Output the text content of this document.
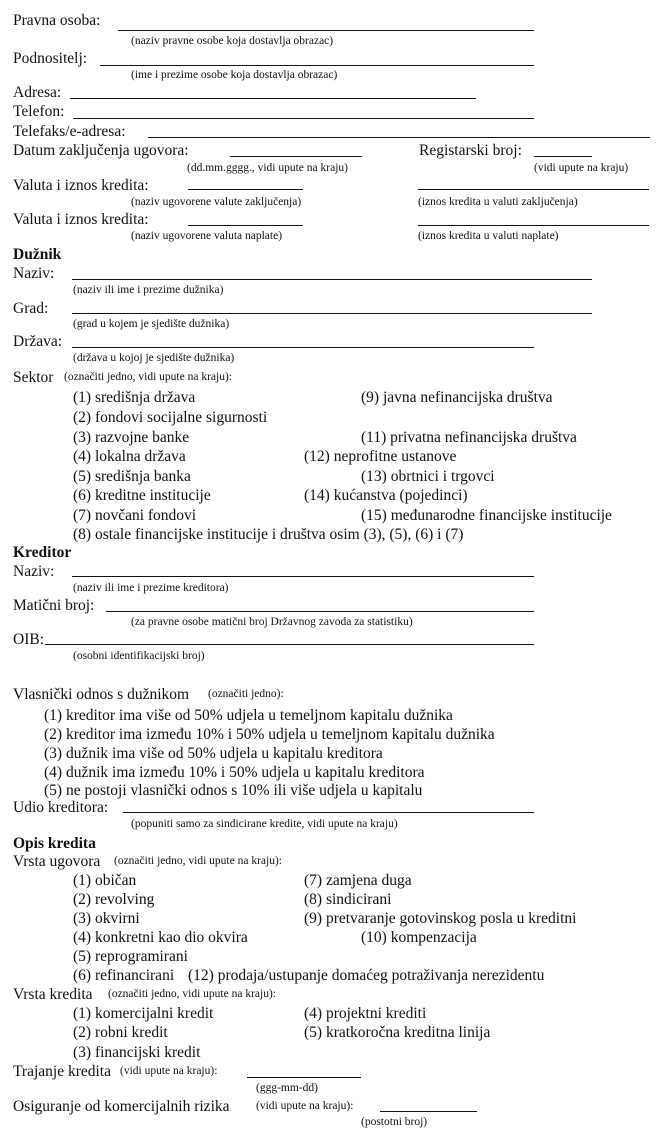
Pravna osoba:
(naziv pravne osobe koja dostavlja obrazac)
Podnositelj:
(ime i prezime osobe koja dostavlja obrazac)
Adresa:
Telefon:
Telefaks/e-adresa:
Datum zaključenja ugovora:
(dd.mm.gggg., vidi upute na kraju)
Registarski broj:
(vidi upute na kraju)
Valuta i iznos kredita:
(naziv ugovorene valute zaključenja)	(iznos kredita u valuti zaključenja)
Valuta i iznos kredita:
(naziv ugovorene valuta naplate)	(iznos kredita u valuti naplate)
Dužnik
Naziv:
(naziv ili ime i prezime dužnika)
Grad:
(grad u kojem je sjedište dužnika)
Država:
(država u kojoj je sjedište dužnika)
Sektor (označiti jedno, vidi upute na kraju):
(1) središnja država	(9) javna nefinancijska društva
(2) fondovi socijalne sigurnosti
(3) razvojne banke	(11) privatna nefinancijska društva
(4) lokalna država	(12) neprofitne ustanove
(5) središnja banka	(13) obrtnici i trgovci
(6) kreditne institucije	(14) kućanstva (pojedinci)
(7) novčani fondovi	(15) međunarodne financijske institucije
(8) ostale financijske institucije i društva osim (3), (5), (6) i (7)
Kreditor
Naziv:
(naziv ili ime i prezime kreditora)
Matični broj:
(za pravne osobe matični broj Državnog zavoda za statistiku)
OIB:
(osobni identifikacijski broj)
Vlasnički odnos s dužnikom (označiti jedno):
(1) kreditor ima više od 50% udjela u temeljnom kapitalu dužnika
(2) kreditor ima između 10% i 50% udjela u temeljnom kapitalu dužnika
(3) dužnik ima više od 50% udjela u kapitalu kreditora
(4) dužnik ima između 10% i 50% udjela u kapitalu kreditora
(5) ne postoji vlasnički odnos s 10% ili više udjela u kapitalu
Udio kreditora:
(popuniti samo za sindicirane kredite, vidi upute na kraju)
Opis kredita
Vrsta ugovora (označiti jedno, vidi upute na kraju):
(1) običan	(7) zamjena duga
(2) revolving	(8) sindicirani
(3) okvirni	(9) pretvaranje gotovinskog posla u kreditni
(4) konkretni kao dio okvira	(10) kompenzacija
(5) reprogramirani
(6) refinancirani (12) prodaja/ustupanje domaćeg potraživanja nerezidentu
Vrsta kredita (označiti jedno, vidi upute na kraju):
(1) komercijalni kredit	(4) projektni krediti
(2) robni kredit	(5) kratkoročna kreditna linija
(3) financijski kredit
Trajanje kredita (vidi upute na kraju):
(ggg-mm-dd)
Osiguranje od komercijalnih rizika (vidi upute na kraju):
(postotni broj)
